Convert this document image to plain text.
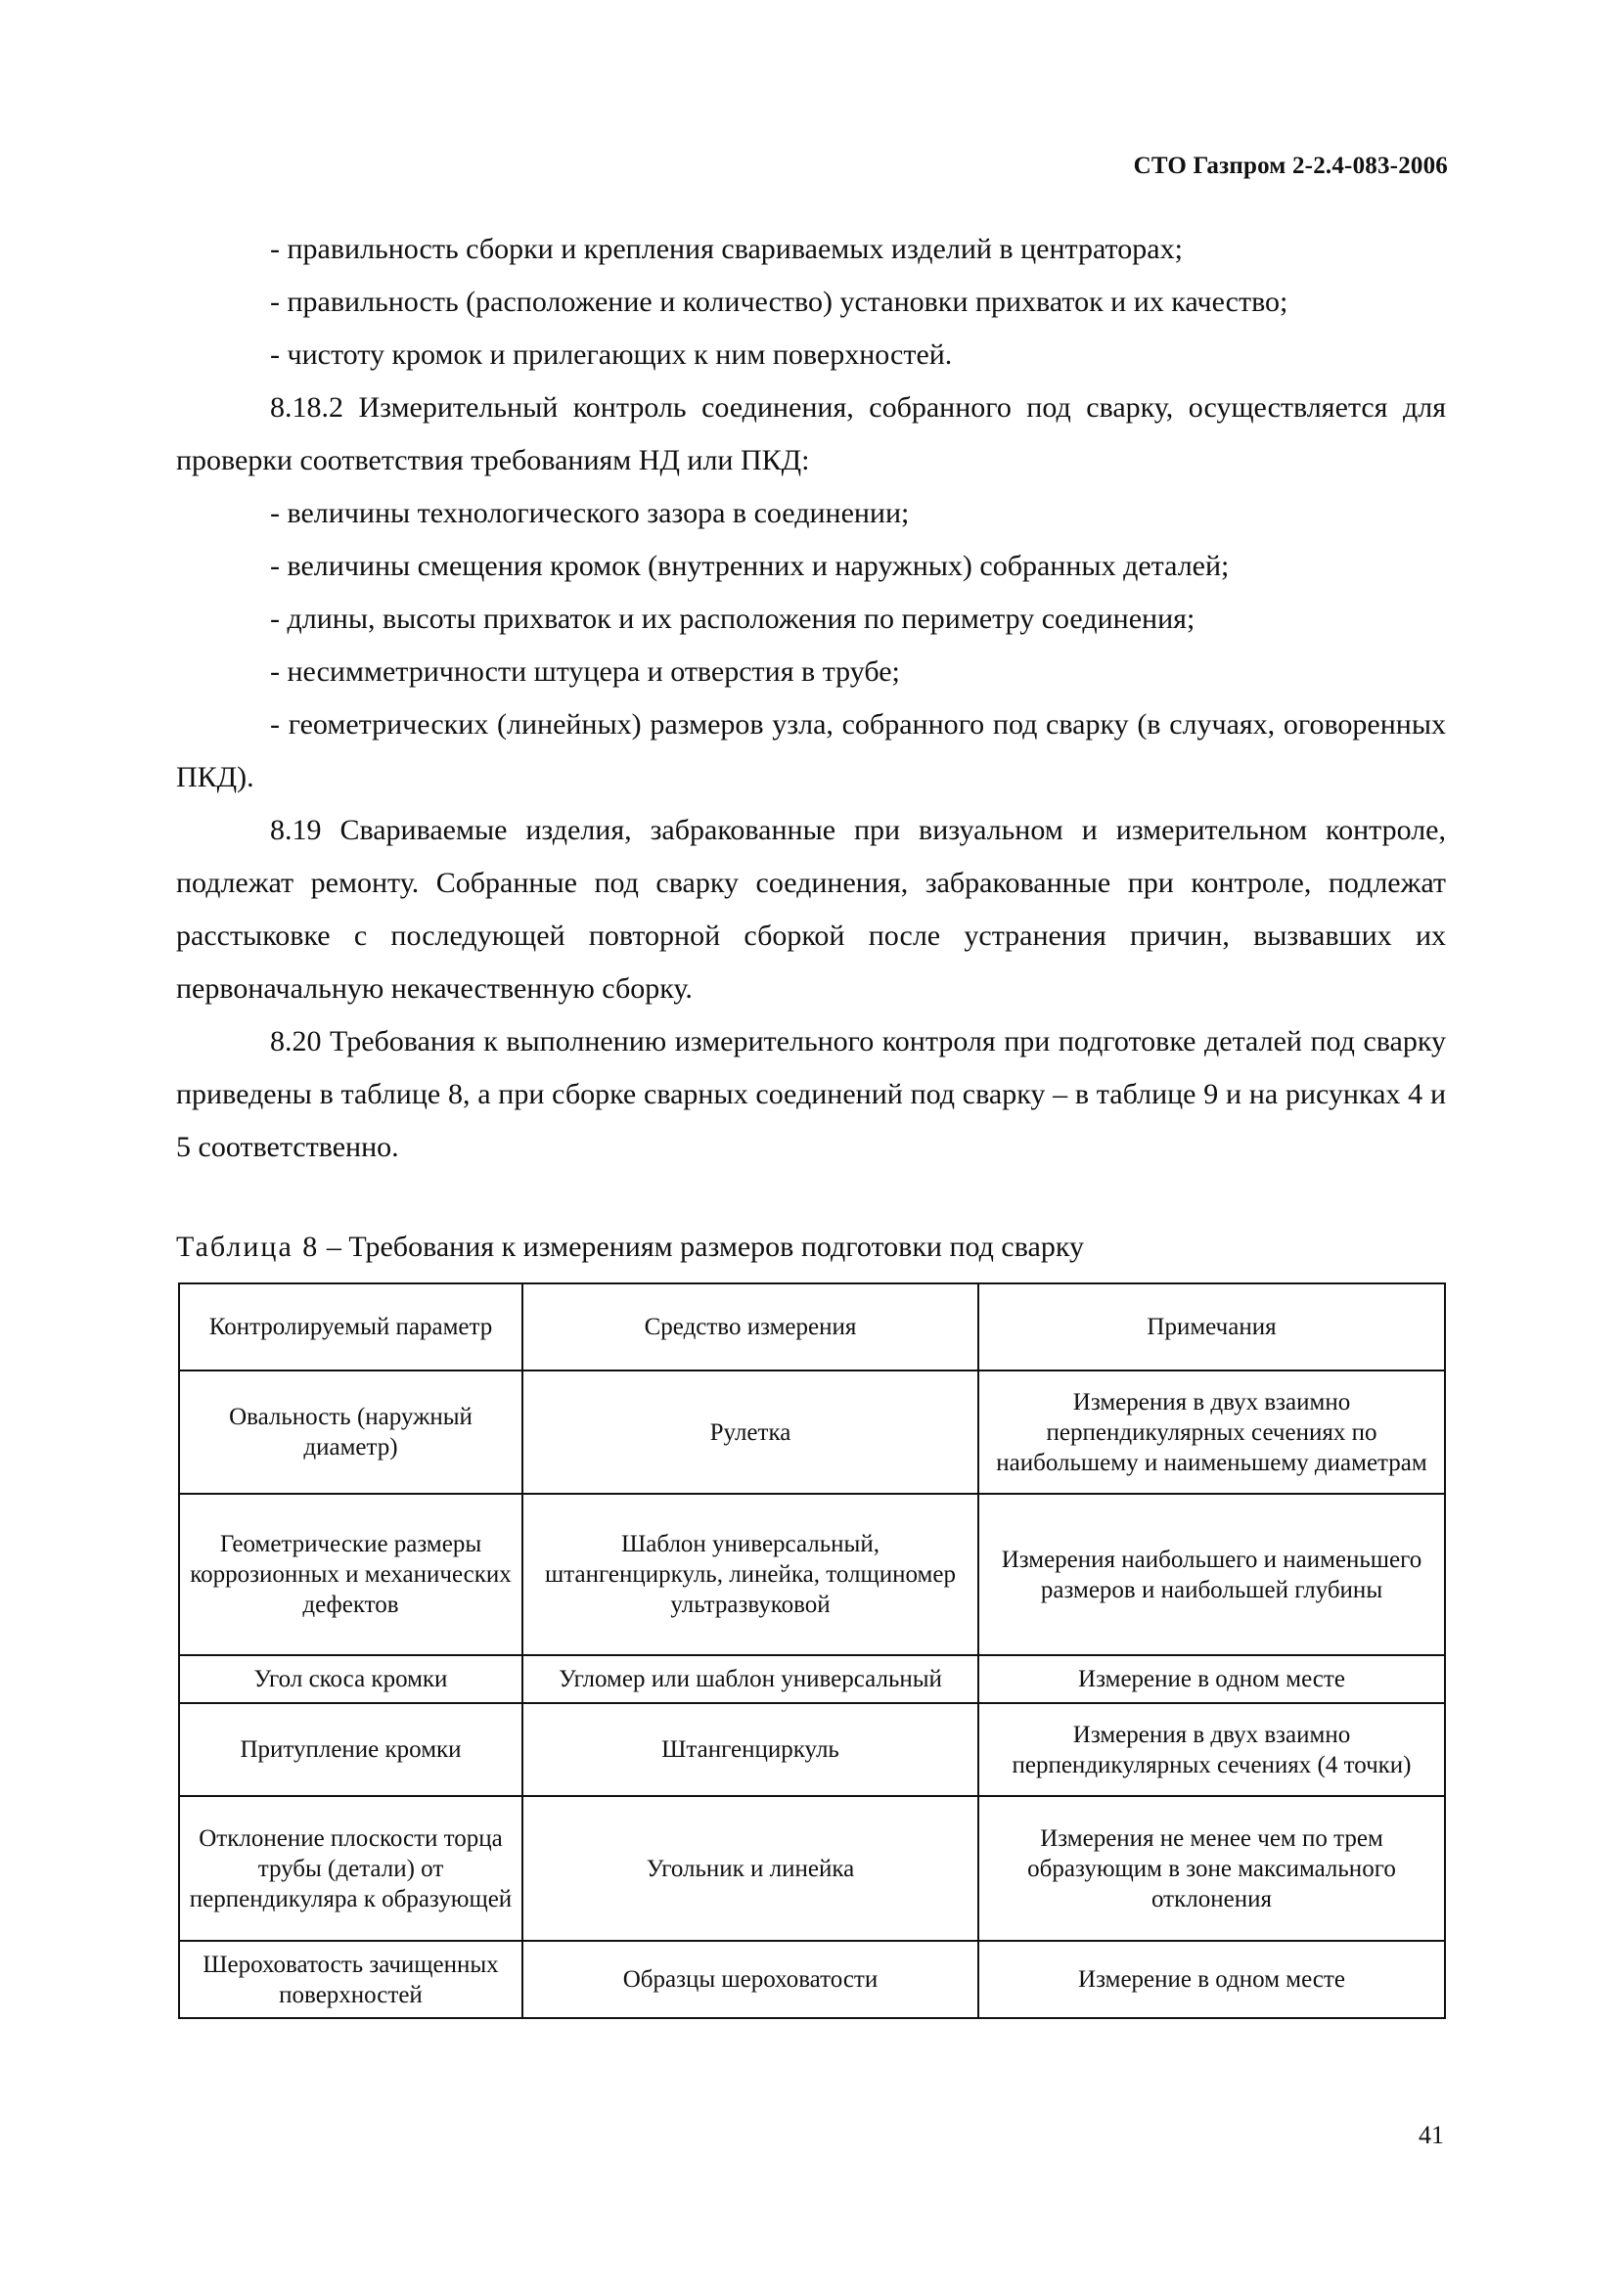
СТО Газпром 2-2.4-083-2006

- правильность сборки и крепления свариваемых изделий в центраторах;

- правильность (расположение и количество) установки прихваток и их качество;

- чистоту кромок и прилегающих к ним поверхностей.

8.18.2 Измерительный контроль соединения, собранного под сварку, осуществляется для проверки соответствия требованиям НД или ПКД:

- величины технологического зазора в соединении;

- величины смещения кромок (внутренних и наружных) собранных деталей;

- длины, высоты прихваток и их расположения по периметру соединения;

- несимметричности штуцера и отверстия в трубе;

- геометрических (линейных) размеров узла, собранного под сварку (в случаях, оговоренных ПКД).

8.19 Свариваемые изделия, забракованные при визуальном и измерительном контроле, подлежат ремонту. Собранные под сварку соединения, забракованные при контроле, подлежат расстыковке с последующей повторной сборкой после устранения причин, вызвавших их первоначальную некачественную сборку.

8.20 Требования к выполнению измерительного контроля при подготовке деталей под сварку приведены в таблице 8, а при сборке сварных соединений под сварку – в таблице 9 и на рисунках 4 и 5 соответственно.

Таблица 8 – Требования к измерениям размеров подготовки под сварку
Контролируемый параметр	Средство измерения	Примечания
Овальность (наружный диаметр)	Рулетка	Измерения в двух взаимно перпендикулярных сечениях по наибольшему и наименьшему диаметрам
Геометрические размеры коррозионных и механических дефектов	Шаблон универсальный, штангенциркуль, линейка, толщиномер ультразвуковой	Измерения наибольшего и наименьшего размеров и наибольшей глубины
Угол скоса кромки	Угломер или шаблон универсальный	Измерение в одном месте
Притупление кромки	Штангенциркуль	Измерения в двух взаимно перпендикулярных сечениях (4 точки)
Отклонение плоскости торца трубы (детали) от перпендикуляра к образующей	Угольник и линейка	Измерения не менее чем по трем образующим в зоне максимального отклонения
Шероховатость зачищенных поверхностей	Образцы шероховатости	Измерение в одном месте
41
